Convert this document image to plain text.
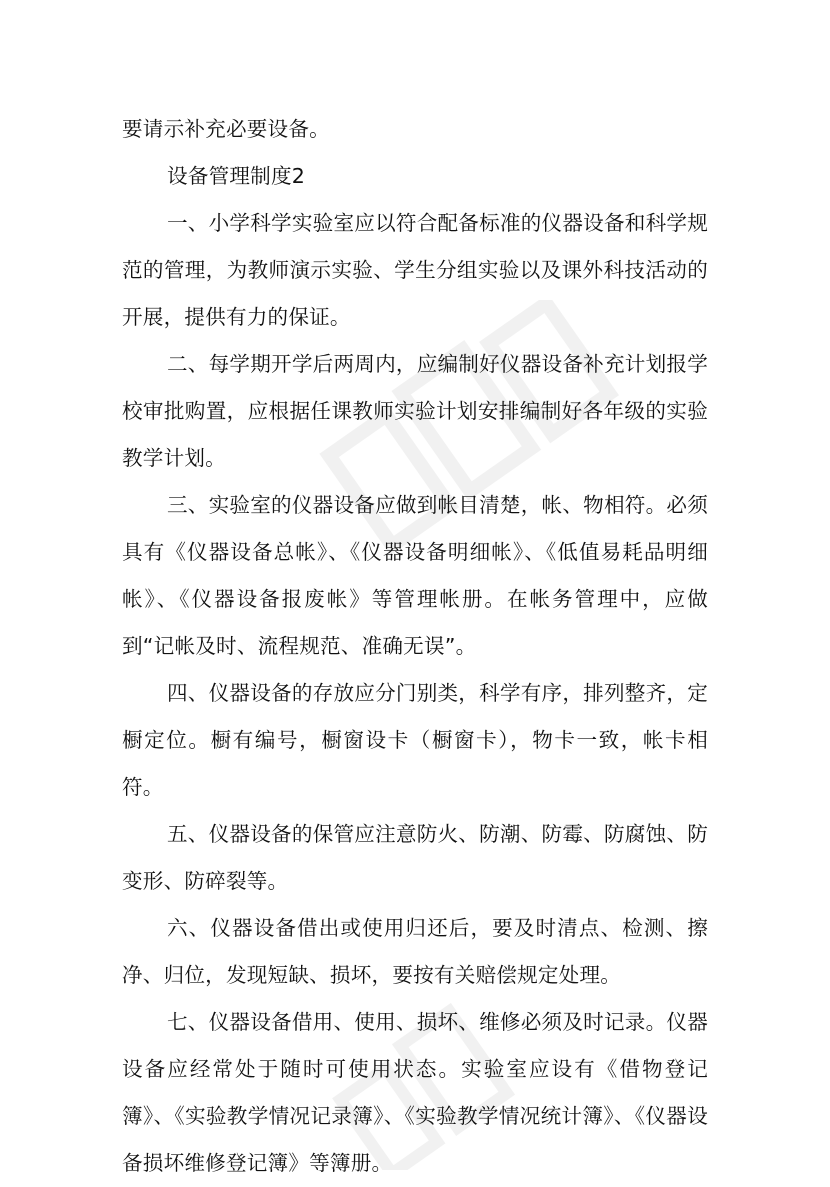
要请示补充必要设备。

设备管理制度2

一、小学科学实验室应以符合配备标准的仪器设备和科学规范的管理，为教师演示实验、学生分组实验以及课外科技活动的开展，提供有力的保证。

二、每学期开学后两周内，应编制好仪器设备补充计划报学校审批购置，应根据任课教师实验计划安排编制好各年级的实验教学计划。

三、实验室的仪器设备应做到帐目清楚，帐、物相符。必须具有《仪器设备总帐》、《仪器设备明细帐》、《低值易耗品明细帐》、《仪器设备报废帐》等管理帐册。在帐务管理中，应做到“记帐及时、流程规范、准确无误”。

四、仪器设备的存放应分门别类，科学有序，排列整齐，定橱定位。橱有编号，橱窗设卡（橱窗卡），物卡一致，帐卡相符。

五、仪器设备的保管应注意防火、防潮、防霉、防腐蚀、防变形、防碎裂等。

六、仪器设备借出或使用归还后，要及时清点、检测、擦净、归位，发现短缺、损坏，要按有关赔偿规定处理。

七、仪器设备借用、使用、损坏、维修必须及时记录。仪器设备应经常处于随时可使用状态。实验室应设有《借物登记簿》、《实验教学情况记录簿》、《实验教学情况统计簿》、《仪器设备损坏维修登记簿》等簿册。
